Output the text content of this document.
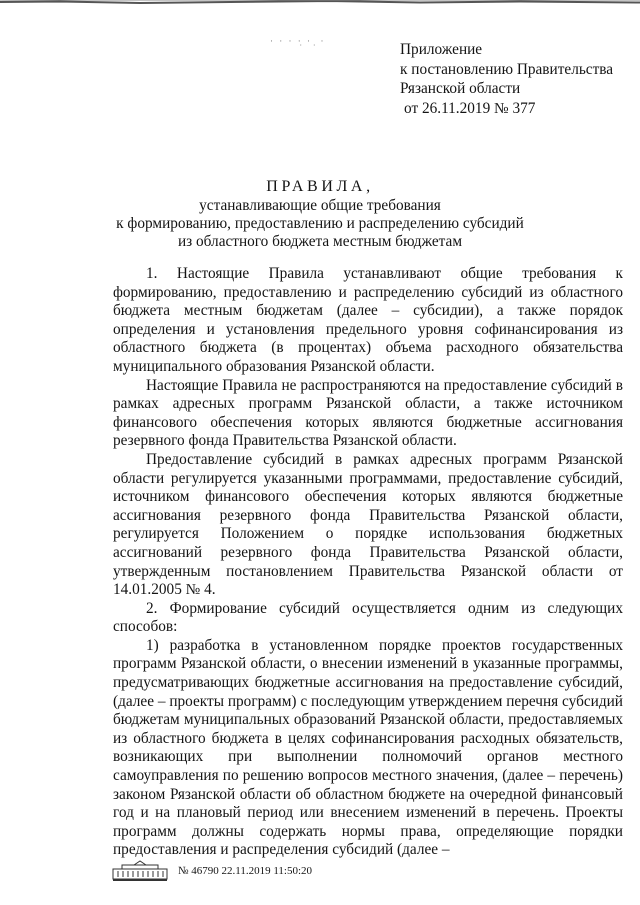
· · · ·̣ · ̣ ·	Приложение
к постановлению Правительства
Рязанской области
от 26.11.2019 № 377
ПРАВИЛА,
устанавливающие общие требования
к формированию, предоставлению и распределению субсидий
из областного бюджета местным бюджетам

1. Настоящие Правила устанавливают общие требования к формированию, предоставлению и распределению субсидий из областного бюджета местным бюджетам (далее – субсидии), а также порядок определения и установления предельного уровня софинансирования из областного бюджета (в процентах) объема расходного обязательства муниципального образования Рязанской области.

Настоящие Правила не распространяются на предоставление субсидий в рамках адресных программ Рязанской области, а также источником финансового обеспечения которых являются бюджетные ассигнования резервного фонда Правительства Рязанской области.

Предоставление субсидий в рамках адресных программ Рязанской области регулируется указанными программами, предоставление субсидий, источником финансового обеспечения которых являются бюджетные ассигнования резервного фонда Правительства Рязанской области, регулируется Положением о порядке использования бюджетных ассигнований резервного фонда Правительства Рязанской области, утвержденным постановлением Правительства Рязанской области от 14.01.2005 № 4.

2. Формирование субсидий осуществляется одним из следующих способов:

1) разработка в установленном порядке проектов государственных программ Рязанской области, о внесении изменений в указанные программы, предусматривающих бюджетные ассигнования на предоставление субсидий, (далее – проекты программ) с последующим утверждением перечня субсидий бюджетам муниципальных образований Рязанской области, предоставляемых из областного бюджета в целях софинансирования расходных обязательств, возникающих при выполнении полномочий органов местного самоуправления по решению вопросов местного значения, (далее – перечень) законом Рязанской области об областном бюджете на очередной финансовый год и на плановый период или внесением изменений в перечень. Проекты программ должны содержать нормы права, определяющие порядки предоставления и распределения субсидий (далее –

№ 46790 22.11.2019 11:50:20
